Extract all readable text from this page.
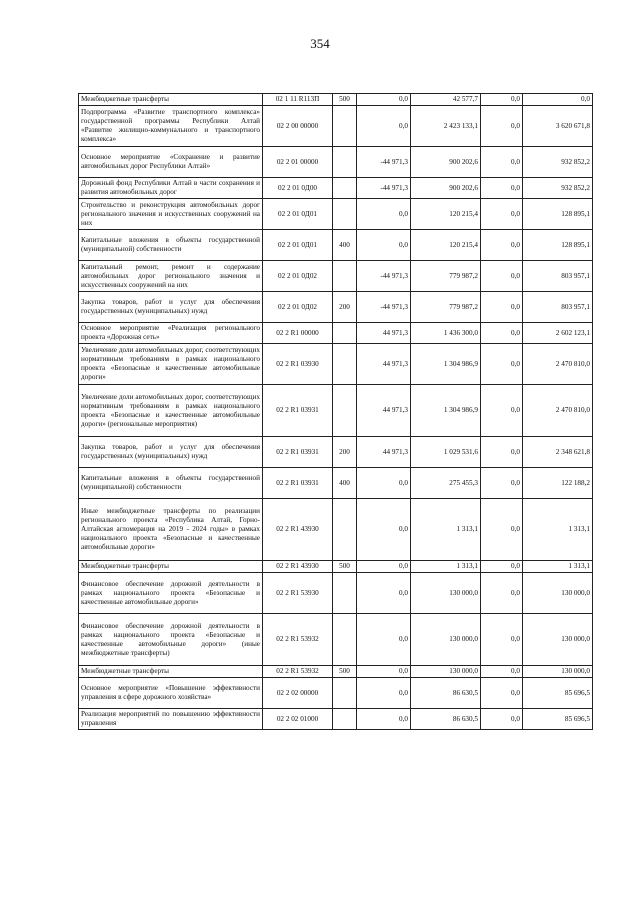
354
Межбюджетные трансферты	02 1 11 R113П	500	0,0	42 577,7	0,0	0,0
Подпрограмма «Развитие транспортного комплекса» государственной программы Республики Алтай «Развитие жилищно-коммунального и транспортного комплекса»	02 2 00 00000		0,0	2 423 133,1	0,0	3 620 671,8
Основное мероприятие «Сохранение и развитие автомобильных дорог Республики Алтай»	02 2 01 00000		-44 971,3	900 202,6	0,0	932 852,2
Дорожный фонд Республики Алтай в части сохранения и развития автомобильных дорог	02 2 01 0Д00		-44 971,3	900 202,6	0,0	932 852,2
Строительство и реконструкция автомобильных дорог регионального значения и искусственных сооружений на них	02 2 01 0Д01		0,0	120 215,4	0,0	128 895,1
Капитальные вложения в объекты государственной (муниципальной) собственности	02 2 01 0Д01	400	0,0	120 215,4	0,0	128 895,1
Капитальный ремонт, ремонт и содержание автомобильных дорог регионального значения и искусственных сооружений на них	02 2 01 0Д02		-44 971,3	779 987,2	0,0	803 957,1
Закупка товаров, работ и услуг для обеспечения государственных (муниципальных) нужд	02 2 01 0Д02	200	-44 971,3	779 987,2	0,0	803 957,1
Основное мероприятие «Реализация регионального проекта «Дорожная сеть»	02 2 R1 00000		44 971,3	1 436 300,0	0,0	2 602 123,1
Увеличение доли автомобильных дорог, соответствующих нормативным требованиям в рамках национального проекта «Безопасные и качественные автомобильные дороги»	02 2 R1 03930		44 971,3	1 304 986,9	0,0	2 470 810,0
Увеличение доли автомобильных дорог, соответствующих нормативным требованиям в рамках национального проекта «Безопасные и качественные автомобильные дороги» (региональные мероприятия)	02 2 R1 03931		44 971,3	1 304 986,9	0,0	2 470 810,0
Закупка товаров, работ и услуг для обеспечения государственных (муниципальных) нужд	02 2 R1 03931	200	44 971,3	1 029 531,6	0,0	2 348 621,8
Капитальные вложения в объекты государственной (муниципальной) собственности	02 2 R1 03931	400	0,0	275 455,3	0,0	122 188,2
Иные межбюджетные трансферты по реализации регионального проекта «Республика Алтай, Горно-Алтайская агломерация на 2019 - 2024 годы» в рамках национального проекта «Безопасные и качественные автомобильные дороги»	02 2 R1 43930		0,0	1 313,1	0,0	1 313,1
Межбюджетные трансферты	02 2 R1 43930	500	0,0	1 313,1	0,0	1 313,1
Финансовое обеспечение дорожной деятельности в рамках национального проекта «Безопасные и качественные автомобильные дороги»	02 2 R1 53930		0,0	130 000,0	0,0	130 000,0
Финансовое обеспечение дорожной деятельности в рамках национального проекта «Безопасные и качественные автомобильные дороги» (иные межбюджетные трансферты)	02 2 R1 53932		0,0	130 000,0	0,0	130 000,0
Межбюджетные трансферты	02 2 R1 53932	500	0,0	130 000,0	0,0	130 000,0
Основное мероприятие «Повышение эффективности управления в сфере дорожного хозяйства»	02 2 02 00000		0,0	86 630,5	0,0	85 696,5
Реализация мероприятий по повышению эффективности управления	02 2 02 01000		0,0	86 630,5	0,0	85 696,5
